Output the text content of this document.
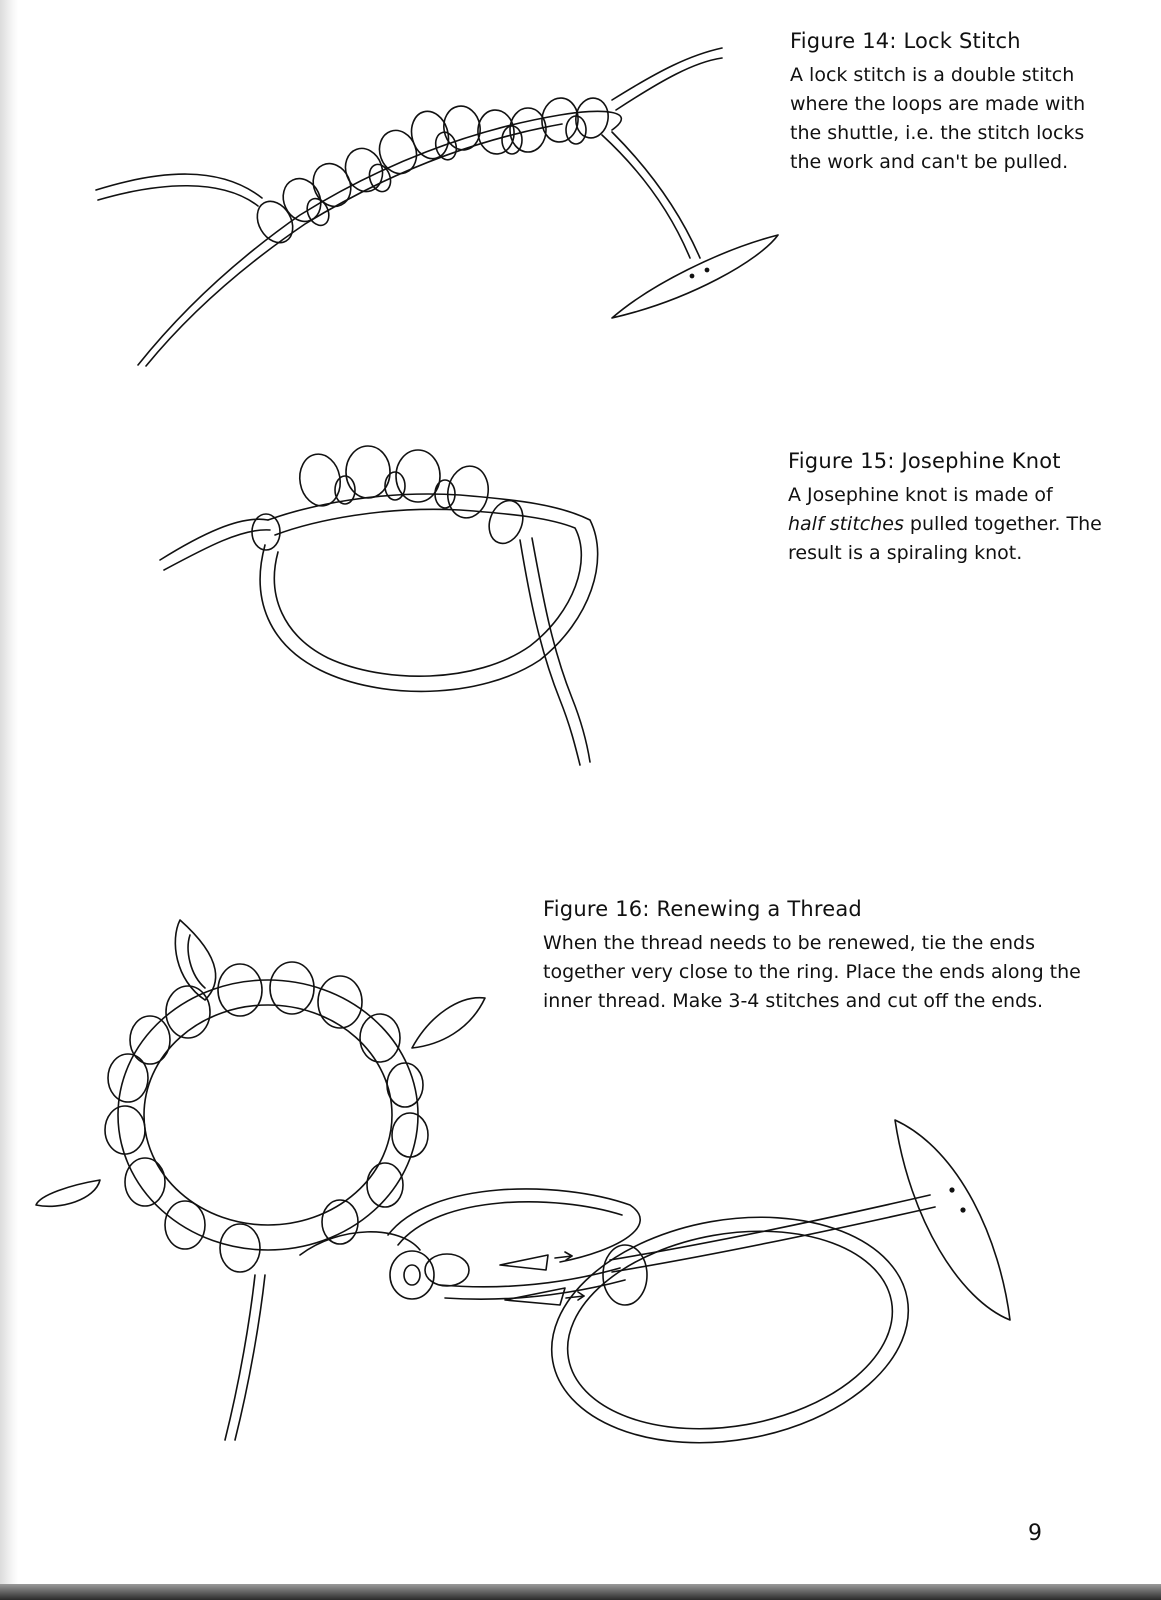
Figure 14: Lock Stitch

A lock stitch is a double stitch where the loops are made with the shuttle, i.e. the stitch locks the work and can't be pulled.

Figure 15: Josephine Knot

A Josephine knot is made of
half stitches pulled together. The result is a spiraling knot.

Figure 16: Renewing a Thread

When the thread needs to be renewed, tie the ends together very close to the ring. Place the ends along the inner thread. Make 3-4 stitches and cut off the ends.

9
